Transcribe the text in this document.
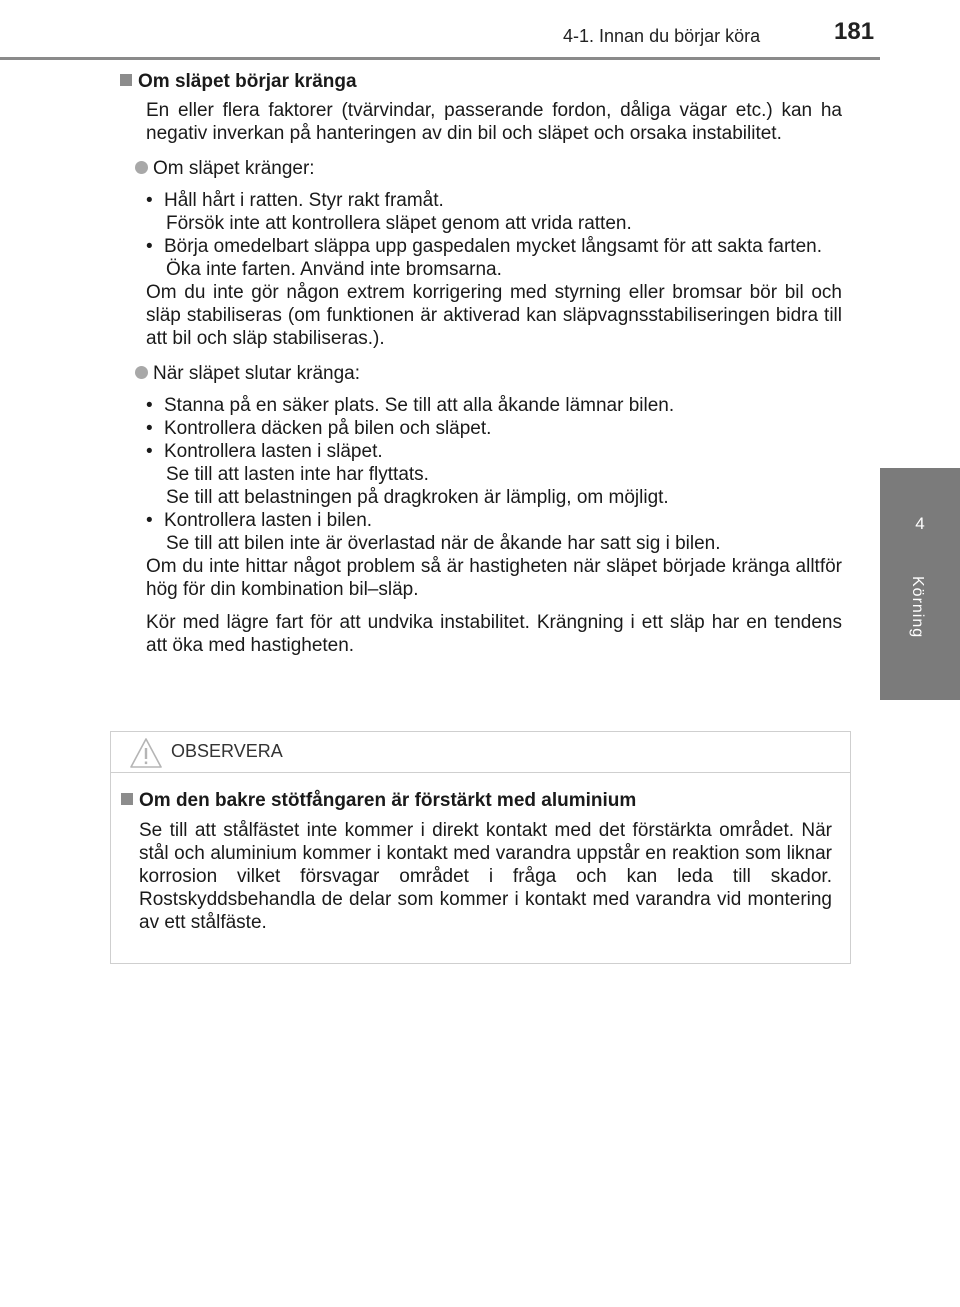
4-1. Innan du börjar köra	181
4
Körning
Om släpet börjar kränga
En eller flera faktorer (tvärvindar, passerande fordon, dåliga vägar etc.) kan ha negativ inverkan på hanteringen av din bil och släpet och orsaka instabilitet.
Om släpet kränger:
• Håll hårt i ratten. Styr rakt framåt.
Försök inte att kontrollera släpet genom att vrida ratten.
• Börja omedelbart släppa upp gaspedalen mycket långsamt för att sakta farten.
Öka inte farten. Använd inte bromsarna.
Om du inte gör någon extrem korrigering med styrning eller bromsar bör bil och släp stabiliseras (om funktionen är aktiverad kan släpvagnsstabiliseringen bidra till att bil och släp stabiliseras.).
När släpet slutar kränga:
• Stanna på en säker plats. Se till att alla åkande lämnar bilen.
• Kontrollera däcken på bilen och släpet.
• Kontrollera lasten i släpet.
Se till att lasten inte har flyttats.
Se till att belastningen på dragkroken är lämplig, om möjligt.
• Kontrollera lasten i bilen.
Se till att bilen inte är överlastad när de åkande har satt sig i bilen.
Om du inte hittar något problem så är hastigheten när släpet började kränga alltför hög för din kombination bil–släp.
Kör med lägre fart för att undvika instabilitet. Krängning i ett släp har en tendens att öka med hastigheten.
OBSERVERA
Om den bakre stötfångaren är förstärkt med aluminium
Se till att stålfästet inte kommer i direkt kontakt med det förstärkta området. När stål och aluminium kommer i kontakt med varandra uppstår en reaktion som liknar korrosion vilket försvagar området i fråga och kan leda till skador. Rostskyddsbehandla de delar som kommer i kontakt med varandra vid montering av ett stålfäste.
